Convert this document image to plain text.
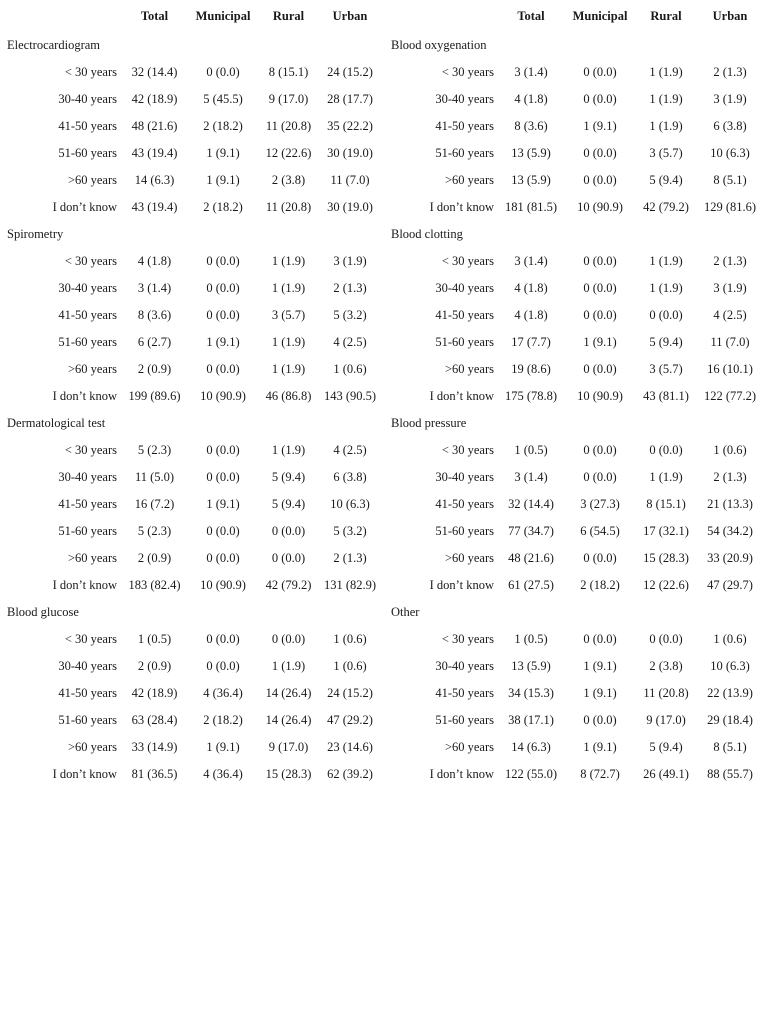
	Total	Municipal	Rural	Urban
Electrocardiogram				
< 30 years	32 (14.4)	0 (0.0)	8 (15.1)	24 (15.2)
30-40 years	42 (18.9)	5 (45.5)	9 (17.0)	28 (17.7)
41-50 years	48 (21.6)	2 (18.2)	11 (20.8)	35 (22.2)
51-60 years	43 (19.4)	1 (9.1)	12 (22.6)	30 (19.0)
>60 years	14 (6.3)	1 (9.1)	2 (3.8)	11 (7.0)
I don’t know	43 (19.4)	2 (18.2)	11 (20.8)	30 (19.0)
Spirometry				
< 30 years	4 (1.8)	0 (0.0)	1 (1.9)	3 (1.9)
30-40 years	3 (1.4)	0 (0.0)	1 (1.9)	2 (1.3)
41-50 years	8 (3.6)	0 (0.0)	3 (5.7)	5 (3.2)
51-60 years	6 (2.7)	1 (9.1)	1 (1.9)	4 (2.5)
>60 years	2 (0.9)	0 (0.0)	1 (1.9)	1 (0.6)
I don’t know	199 (89.6)	10 (90.9)	46 (86.8)	143 (90.5)
Dermatological test				
< 30 years	5 (2.3)	0 (0.0)	1 (1.9)	4 (2.5)
30-40 years	11 (5.0)	0 (0.0)	5 (9.4)	6 (3.8)
41-50 years	16 (7.2)	1 (9.1)	5 (9.4)	10 (6.3)
51-60 years	5 (2.3)	0 (0.0)	0 (0.0)	5 (3.2)
>60 years	2 (0.9)	0 (0.0)	0 (0.0)	2 (1.3)
I don’t know	183 (82.4)	10 (90.9)	42 (79.2)	131 (82.9)
Blood glucose				
< 30 years	1 (0.5)	0 (0.0)	0 (0.0)	1 (0.6)
30-40 years	2 (0.9)	0 (0.0)	1 (1.9)	1 (0.6)
41-50 years	42 (18.9)	4 (36.4)	14 (26.4)	24 (15.2)
51-60 years	63 (28.4)	2 (18.2)	14 (26.4)	47 (29.2)
>60 years	33 (14.9)	1 (9.1)	9 (17.0)	23 (14.6)
I don’t know	81 (36.5)	4 (36.4)	15 (28.3)	62 (39.2)
	Total	Municipal	Rural	Urban
Blood oxygenation				
< 30 years	3 (1.4)	0 (0.0)	1 (1.9)	2 (1.3)
30-40 years	4 (1.8)	0 (0.0)	1 (1.9)	3 (1.9)
41-50 years	8 (3.6)	1 (9.1)	1 (1.9)	6 (3.8)
51-60 years	13 (5.9)	0 (0.0)	3 (5.7)	10 (6.3)
>60 years	13 (5.9)	0 (0.0)	5 (9.4)	8 (5.1)
I don’t know	181 (81.5)	10 (90.9)	42 (79.2)	129 (81.6)
Blood clotting				
< 30 years	3 (1.4)	0 (0.0)	1 (1.9)	2 (1.3)
30-40 years	4 (1.8)	0 (0.0)	1 (1.9)	3 (1.9)
41-50 years	4 (1.8)	0 (0.0)	0 (0.0)	4 (2.5)
51-60 years	17 (7.7)	1 (9.1)	5 (9.4)	11 (7.0)
>60 years	19 (8.6)	0 (0.0)	3 (5.7)	16 (10.1)
I don’t know	175 (78.8)	10 (90.9)	43 (81.1)	122 (77.2)
Blood pressure				
< 30 years	1 (0.5)	0 (0.0)	0 (0.0)	1 (0.6)
30-40 years	3 (1.4)	0 (0.0)	1 (1.9)	2 (1.3)
41-50 years	32 (14.4)	3 (27.3)	8 (15.1)	21 (13.3)
51-60 years	77 (34.7)	6 (54.5)	17 (32.1)	54 (34.2)
>60 years	48 (21.6)	0 (0.0)	15 (28.3)	33 (20.9)
I don’t know	61 (27.5)	2 (18.2)	12 (22.6)	47 (29.7)
Other				
< 30 years	1 (0.5)	0 (0.0)	0 (0.0)	1 (0.6)
30-40 years	13 (5.9)	1 (9.1)	2 (3.8)	10 (6.3)
41-50 years	34 (15.3)	1 (9.1)	11 (20.8)	22 (13.9)
51-60 years	38 (17.1)	0 (0.0)	9 (17.0)	29 (18.4)
>60 years	14 (6.3)	1 (9.1)	5 (9.4)	8 (5.1)
I don’t know	122 (55.0)	8 (72.7)	26 (49.1)	88 (55.7)
